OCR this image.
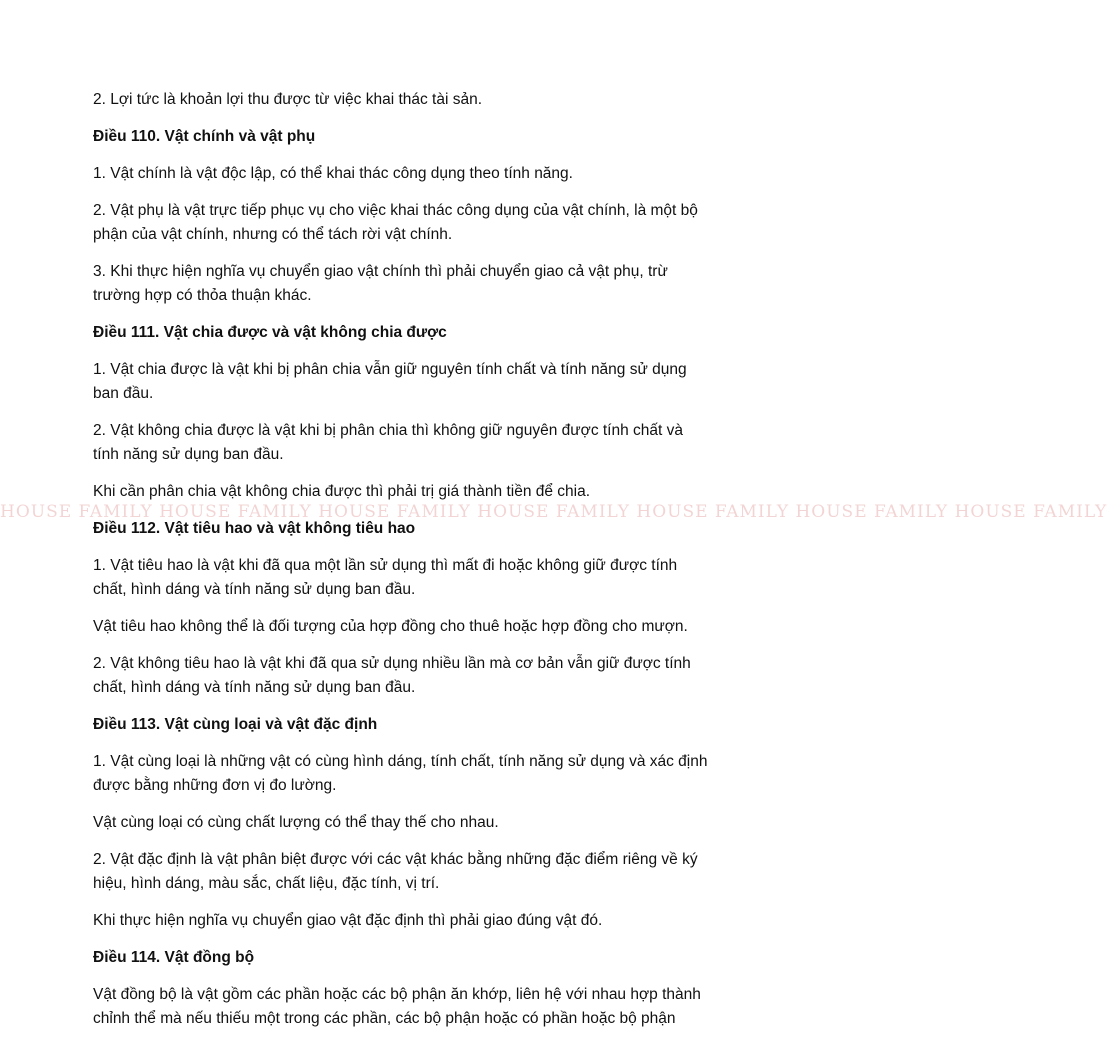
HOUSE FAMILY HOUSE FAMILY HOUSE FAMILY HOUSE FAMILY HOUSE FAMILY HOUSE FAMILY HOUSE FAMILY

2. Lợi tức là khoản lợi thu được từ việc khai thác tài sản.

Điều 110. Vật chính và vật phụ

1. Vật chính là vật độc lập, có thể khai thác công dụng theo tính năng.

2. Vật phụ là vật trực tiếp phục vụ cho việc khai thác công dụng của vật chính, là một bộ phận của vật chính, nhưng có thể tách rời vật chính.

3. Khi thực hiện nghĩa vụ chuyển giao vật chính thì phải chuyển giao cả vật phụ, trừ trường hợp có thỏa thuận khác.

Điều 111. Vật chia được và vật không chia được

1. Vật chia được là vật khi bị phân chia vẫn giữ nguyên tính chất và tính năng sử dụng ban đầu.

2. Vật không chia được là vật khi bị phân chia thì không giữ nguyên được tính chất và tính năng sử dụng ban đầu.

Khi cần phân chia vật không chia được thì phải trị giá thành tiền để chia.

Điều 112. Vật tiêu hao và vật không tiêu hao

1. Vật tiêu hao là vật khi đã qua một lần sử dụng thì mất đi hoặc không giữ được tính chất, hình dáng và tính năng sử dụng ban đầu.

Vật tiêu hao không thể là đối tượng của hợp đồng cho thuê hoặc hợp đồng cho mượn.

2. Vật không tiêu hao là vật khi đã qua sử dụng nhiều lần mà cơ bản vẫn giữ được tính chất, hình dáng và tính năng sử dụng ban đầu.

Điều 113. Vật cùng loại và vật đặc định

1. Vật cùng loại là những vật có cùng hình dáng, tính chất, tính năng sử dụng và xác định được bằng những đơn vị đo lường.

Vật cùng loại có cùng chất lượng có thể thay thế cho nhau.

2. Vật đặc định là vật phân biệt được với các vật khác bằng những đặc điểm riêng về ký hiệu, hình dáng, màu sắc, chất liệu, đặc tính, vị trí.

Khi thực hiện nghĩa vụ chuyển giao vật đặc định thì phải giao đúng vật đó.

Điều 114. Vật đồng bộ

Vật đồng bộ là vật gồm các phần hoặc các bộ phận ăn khớp, liên hệ với nhau hợp thành chỉnh thể mà nếu thiếu một trong các phần, các bộ phận hoặc có phần hoặc bộ phận
